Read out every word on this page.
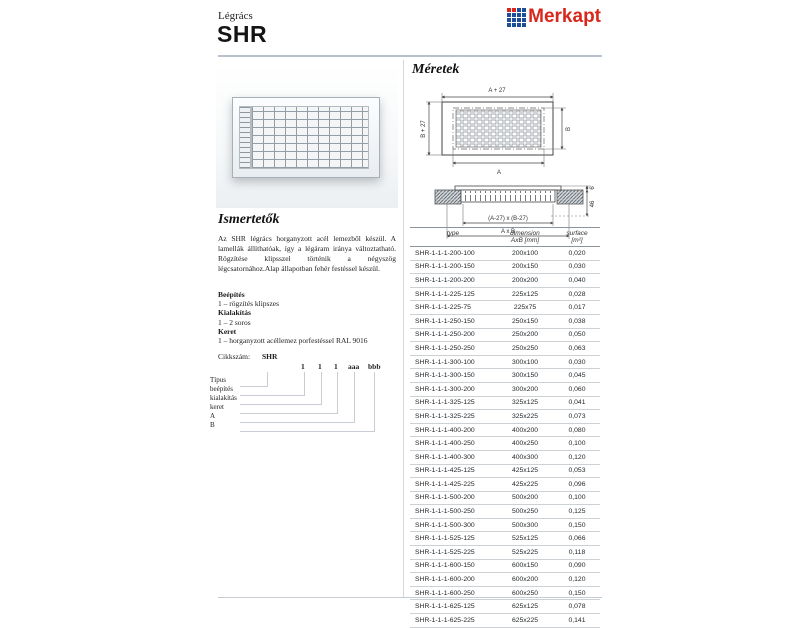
Légrács
SHR
Merkapt
Ismertetők
Az SHR légrács horganyzott acél lemezből készül. A lamellák állíthatóak, így a légáram iránya változtatható. Rögzítése klipsszel történik a négyszög légcsatornához.Alap állapotban fehér festéssel készül.
Beépítés
1 – rögzítés klipszes
Kialakítás
1 – 2 soros
Keret
1 – horganyzott acéllemez porfestéssel RAL 9016
Cikkszám: SHR
1 1 1 aaa bbb
Típus
beépítés
kialakítás
keret
A
B
Méretek
A + 27
B + 27	B
A
6
46
(A-27) x (B-27)
A x B
type	dimension
AxB [mm]
surface
[m²]
SHR-1-1-1-200-100	200x100	0,020
SHR-1-1-1-200-150	200x150	0,030
SHR-1-1-1-200-200	200x200	0,040
SHR-1-1-1-225-125	225x125	0,028
SHR-1-1-1-225-75	225x75	0,017
SHR-1-1-1-250-150	250x150	0,038
SHR-1-1-1-250-200	250x200	0,050
SHR-1-1-1-250-250	250x250	0,063
SHR-1-1-1-300-100	300x100	0,030
SHR-1-1-1-300-150	300x150	0,045
SHR-1-1-1-300-200	300x200	0,060
SHR-1-1-1-325-125	325x125	0,041
SHR-1-1-1-325-225	325x225	0,073
SHR-1-1-1-400-200	400x200	0,080
SHR-1-1-1-400-250	400x250	0,100
SHR-1-1-1-400-300	400x300	0,120
SHR-1-1-1-425-125	425x125	0,053
SHR-1-1-1-425-225	425x225	0,096
SHR-1-1-1-500-200	500x200	0,100
SHR-1-1-1-500-250	500x250	0,125
SHR-1-1-1-500-300	500x300	0,150
SHR-1-1-1-525-125	525x125	0,066
SHR-1-1-1-525-225	525x225	0,118
SHR-1-1-1-600-150	600x150	0,090
SHR-1-1-1-600-200	600x200	0,120
SHR-1-1-1-600-250	600x250	0,150
SHR-1-1-1-625-125	625x125	0,078
SHR-1-1-1-625-225	625x225	0,141
